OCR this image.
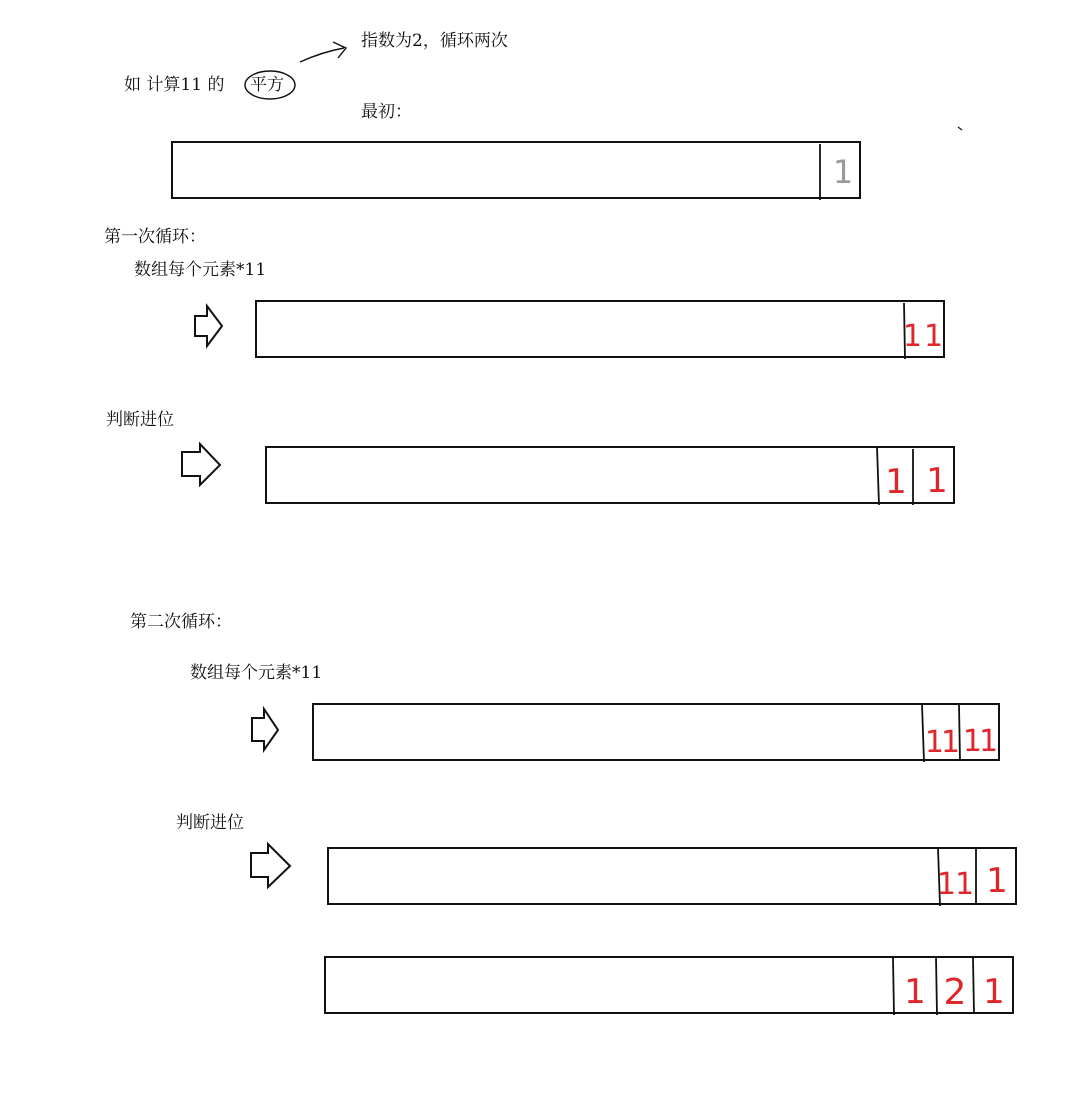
如 计算11 的 平方
指数为2，循环两次
最初：
第一次循环：
数组每个元素*11
判断进位
第二次循环：
数组每个元素*11
判断进位
1
11
1 1
11 11
11 1
1 2 1
